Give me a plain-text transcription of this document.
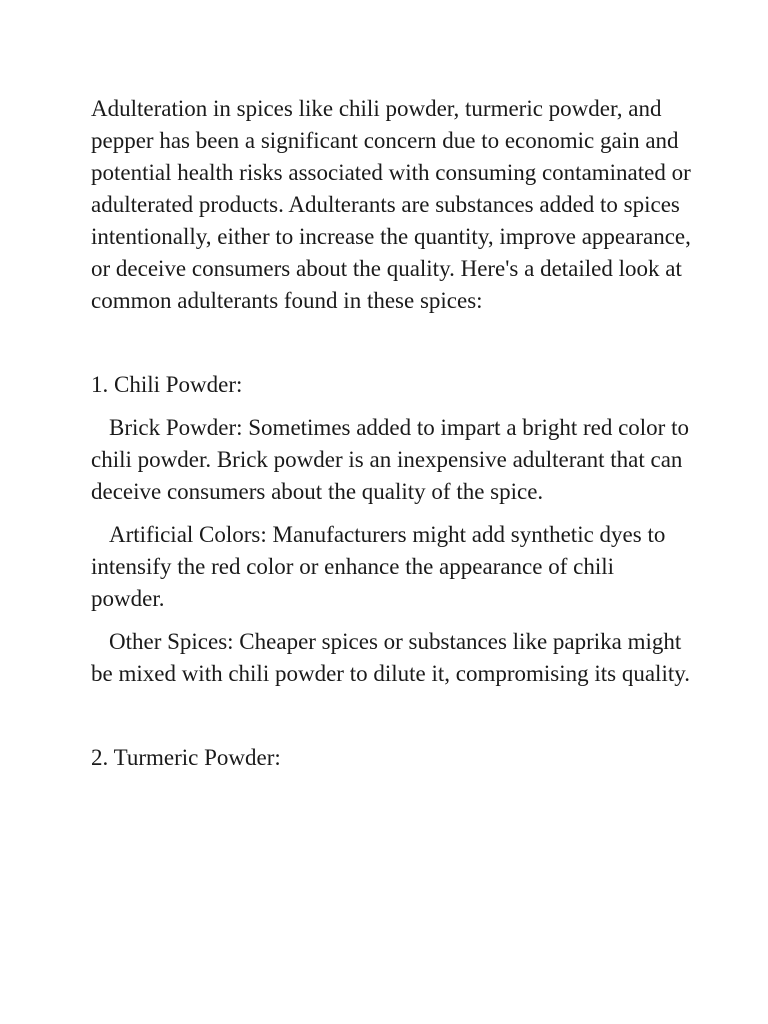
Adulteration in spices like chili powder, turmeric powder, and pepper has been a significant concern due to economic gain and potential health risks associated with consuming contaminated or adulterated products. Adulterants are substances added to spices intentionally, either to increase the quantity, improve appearance, or deceive consumers about the quality. Here's a detailed look at common adulterants found in these spices:

1. Chili Powder:

Brick Powder: Sometimes added to impart a bright red color to chili powder. Brick powder is an inexpensive adulterant that can deceive consumers about the quality of the spice.

Artificial Colors: Manufacturers might add synthetic dyes to intensify the red color or enhance the appearance of chili powder.

Other Spices: Cheaper spices or substances like paprika might be mixed with chili powder to dilute it, compromising its quality.

2. Turmeric Powder:
